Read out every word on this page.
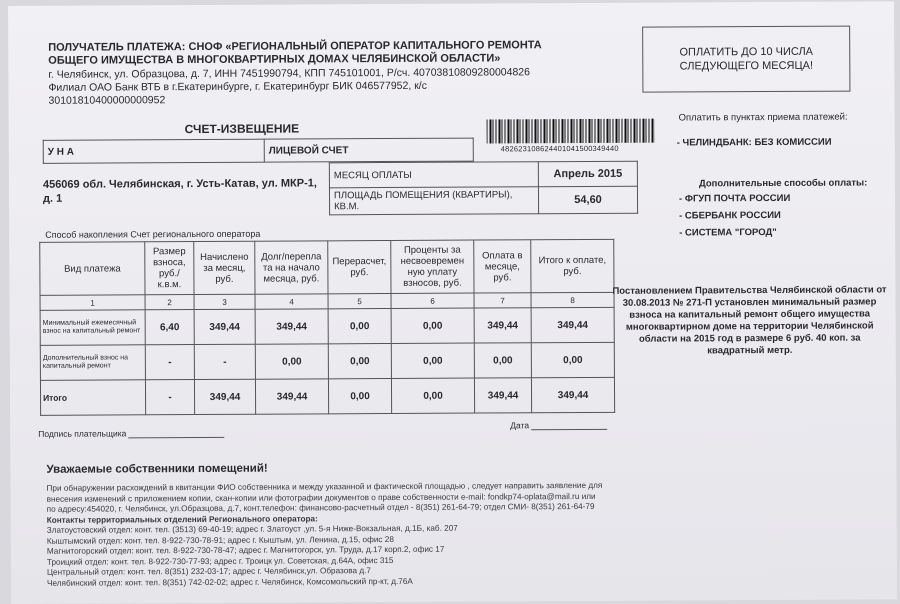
ПОЛУЧАТЕЛЬ ПЛАТЕЖА: СНОФ «РЕГИОНАЛЬНЫЙ ОПЕРАТОР КАПИТАЛЬНОГО РЕМОНТА
ОБЩЕГО ИМУЩЕСТВА В МНОГОКВАРТИРНЫХ ДОМАХ ЧЕЛЯБИНСКОЙ ОБЛАСТИ»
г. Челябинск, ул. Образцова, д. 7, ИНН 7451990794, КПП 745101001, Р/сч. 40703810809280004826
Филиал ОАО Банк ВТБ в г.Екатеринбурге, г. Екатеринбург БИК 046577952, к/с
30101810400000000952
ОПЛАТИТЬ ДО 10 ЧИСЛА
СЛЕДУЮЩЕГО МЕСЯЦА!
Оплатить в пунктах приема платежей:
- ЧЕЛИНДБАНК: БЕЗ КОМИССИИ
Дополнительные способы оплаты:
- ФГУП ПОЧТА РОССИИ
- СБЕРБАНК РОССИИ
- СИСТЕМА "ГОРОД"
СЧЕТ-ИЗВЕЩЕНИЕ
482623108624401041500349440
У Н А	ЛИЦЕВОЙ СЧЕТ
456069 обл. Челябинская, г. Усть-Катав, ул. МКР-1, д. 1
МЕСЯЦ ОПЛАТЫ	Апрель 2015
ПЛОЩАДЬ ПОМЕЩЕНИЯ (КВАРТИРЫ), КВ.М.	54,60
Способ накопления Счет регионального оператора
Вид платежа	Размер взноса, руб./к.в.м.	Начислено за месяц, руб.	Долг/перепла та на начало месяца, руб.	Перерасчет, руб.	Проценты за несвоевремен ную уплату взносов, руб.	Оплата в месяце, руб.	Итого к оплате, руб.
1	2	3	4	5	6	7	8
Минимальный ежемесячный взнос на капитальный ремонт	6,40	349,44	349,44	0,00	0,00	349,44	349,44
Дополнительный взнос на капитальный ремонт	-	-	0,00	0,00	0,00	0,00	0,00
Итого	-	349,44	349,44	0,00	0,00	349,44	349,44
Подпись плательщика
Дата
Постановлением Правительства Челябинской области от 30.08.2013 № 271-П установлен минимальный размер взноса на капитальный ремонт общего имущества многоквартирном доме на территории Челябинской области на 2015 год в размере 6 руб. 40 коп. за квадратный метр.
Уважаемые собственники помещений!
При обнаружении расхождений в квитанции ФИО собственника и между указанной и фактической площадью , следует направить заявление для
внесения изменений с приложением копии, скан-копии или фотографии документов о праве собственности e-mail: fondkp74-oplata@mail.ru или
по адресу:454020, г. Челябинск, ул.Образцова, д.7, конт.телефон: финансово-расчетный отдел - 8(351) 261-64-79; отдел СМИ- 8(351) 261-64-79
Контакты территориальных отделений Регионального оператора:
Златоустовский отдел: конт. тел. (3513) 69-40-19; адрес г. Златоуст ,ул. 5-я Ниже-Вокзальная, д.1Б, каб. 207
Кыштымский отдел: конт. тел. 8-922-730-78-91; адрес г. Кыштым, ул. Ленина, д.15, офис 28
Магнитогорский отдел: конт. тел. 8-922-730-78-47; адрес г. Магнитогорск, ул. Труда, д.17 корп.2, офис 17
Троицкий отдел: конт. тел. 8-922-730-77-93; адрес г. Троицк ул. Советская, д.64А, офис 315
Центральный отдел: конт. тел. 8(351) 232-03-17; адрес г. Челябинск,ул. Образова д.7
Челябинский отдел: конт. тел. 8(351) 742-02-02; адрес г. Челябинск, Комсомольский пр-кт, д.76А
